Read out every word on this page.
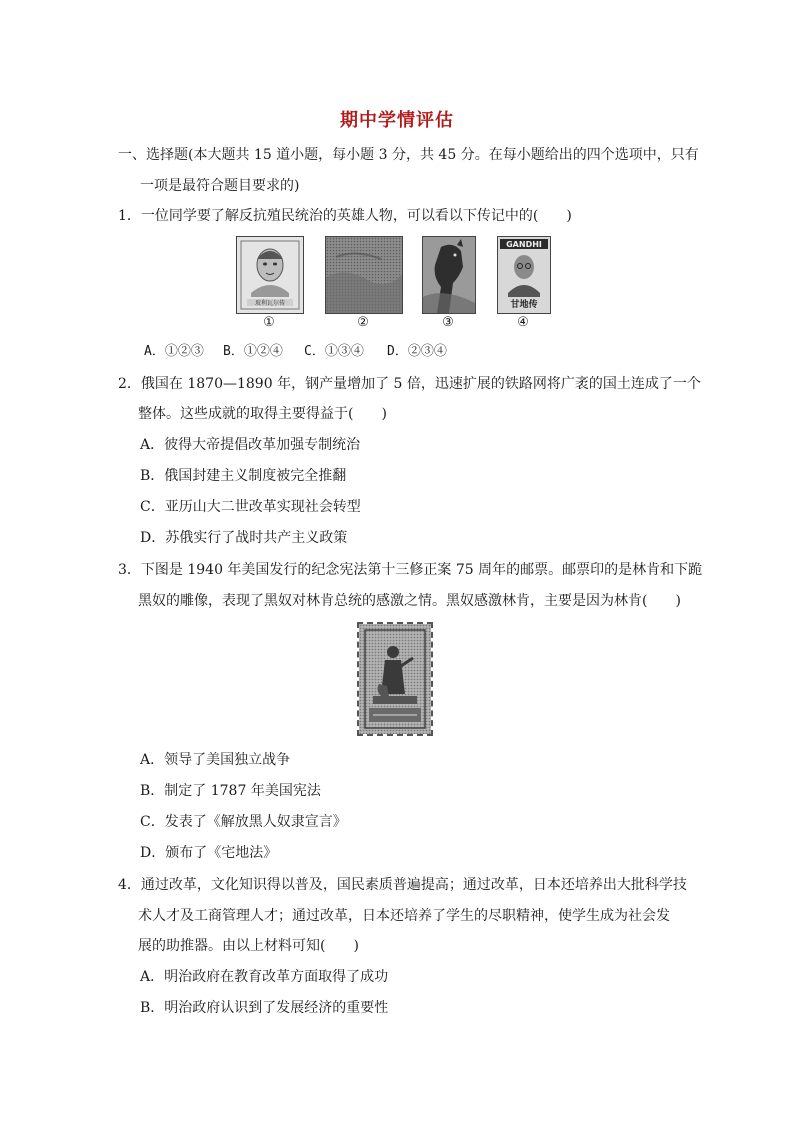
期中学情评估
一、选择题(本大题共 15 道小题，每小题 3 分，共 45 分。在每小题给出的四个选项中，只有
一项是最符合题目要求的)
1．一位同学要了解反抗殖民统治的英雄人物，可以看以下传记中的(　　)
玻利瓦尔传
GANDHI
甘地传
①	②	③	④
A．①②③ B．①②④ C．①③④ D．②③④
2．俄国在 1870—1890 年，钢产量增加了 5 倍，迅速扩展的铁路网将广袤的国土连成了一个
整体。这些成就的取得主要得益于(　　)
A．彼得大帝提倡改革加强专制统治
B．俄国封建主义制度被完全推翻
C．亚历山大二世改革实现社会转型
D．苏俄实行了战时共产主义政策
3．下图是 1940 年美国发行的纪念宪法第十三修正案 75 周年的邮票。邮票印的是林肯和下跪
黑奴的雕像，表现了黑奴对林肯总统的感激之情。黑奴感激林肯，主要是因为林肯(　　)
A．领导了美国独立战争
B．制定了 1787 年美国宪法
C．发表了《解放黑人奴隶宣言》
D．颁布了《宅地法》
4．通过改革，文化知识得以普及，国民素质普遍提高；通过改革，日本还培养出大批科学技
术人才及工商管理人才；通过改革，日本还培养了学生的尽职精神，使学生成为社会发
展的助推器。由以上材料可知(　　)
A．明治政府在教育改革方面取得了成功
B．明治政府认识到了发展经济的重要性
